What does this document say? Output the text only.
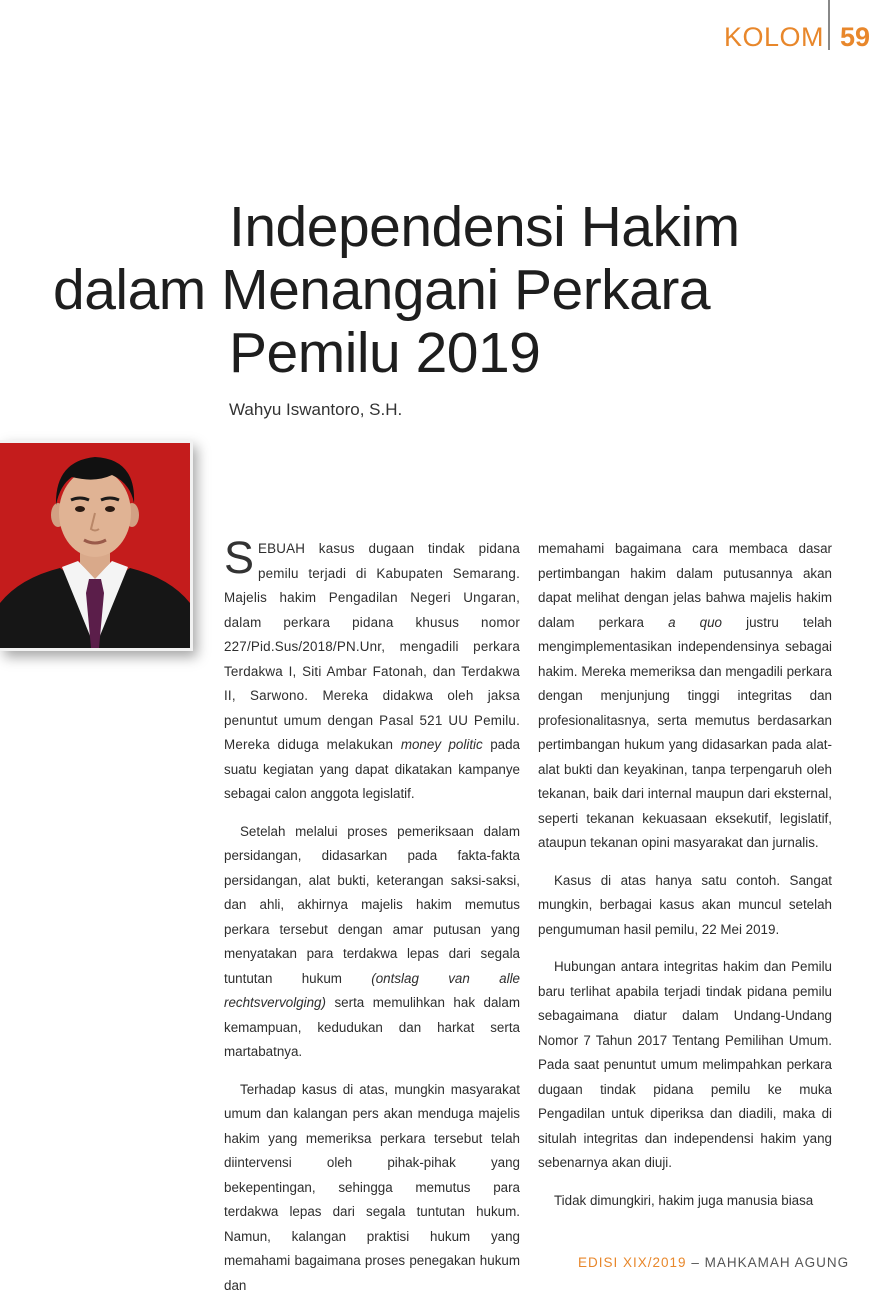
KOLOM 59
Independensi Hakim
dalam Menangani Perkara
Pemilu 2019
Wahyu Iswantoro, S.H.

SEBUAH kasus dugaan tindak pidana pemilu terjadi di Kabupaten Semarang. Majelis hakim Pengadilan Negeri Ungaran, dalam perkara pidana khusus nomor 227/Pid.Sus/2018/PN.Unr, mengadili perkara Terdakwa I, Siti Ambar Fatonah, dan Terdakwa II, Sarwono. Mereka didakwa oleh jaksa penuntut umum dengan Pasal 521 UU Pemilu. Mereka diduga melakukan money politic pada suatu kegiatan yang dapat dikatakan kampanye sebagai calon anggota legislatif.

Setelah melalui proses pemeriksaan dalam persidangan, didasarkan pada fakta-fakta persidangan, alat bukti, keterangan saksi-saksi, dan ahli, akhirnya majelis hakim memutus perkara tersebut dengan amar putusan yang menyatakan para terdakwa lepas dari segala tuntutan hukum (ontslag van alle rechtsvervolging) serta memulihkan hak dalam kemampuan, kedudukan dan harkat serta martabatnya.

Terhadap kasus di atas, mungkin masyarakat umum dan kalangan pers akan menduga majelis hakim yang memeriksa perkara tersebut telah diintervensi oleh pihak-pihak yang bekepentingan, sehingga memutus para terdakwa lepas dari segala tuntutan hukum. Namun, kalangan praktisi hukum yang memahami bagaimana proses penegakan hukum dan

memahami bagaimana cara membaca dasar pertimbangan hakim dalam putusannya akan dapat melihat dengan jelas bahwa majelis hakim dalam perkara a quo justru telah mengimplementasikan independensinya sebagai hakim. Mereka memeriksa dan mengadili perkara dengan menjunjung tinggi integritas dan profesionalitasnya, serta memutus berdasarkan pertimbangan hukum yang didasarkan pada alat-alat bukti dan keyakinan, tanpa terpengaruh oleh tekanan, baik dari internal maupun dari eksternal, seperti tekanan kekuasaan eksekutif, legislatif, ataupun tekanan opini masyarakat dan jurnalis.

Kasus di atas hanya satu contoh. Sangat mungkin, berbagai kasus akan muncul setelah pengumuman hasil pemilu, 22 Mei 2019.

Hubungan antara integritas hakim dan Pemilu baru terlihat apabila terjadi tindak pidana pemilu sebagaimana diatur dalam Undang-Undang Nomor 7 Tahun 2017 Tentang Pemilihan Umum. Pada saat penuntut umum melimpahkan perkara dugaan tindak pidana pemilu ke muka Pengadilan untuk diperiksa dan diadili, maka di situlah integritas dan independensi hakim yang sebenarnya akan diuji.

Tidak dimungkiri, hakim juga manusia biasa

EDISI XIX/2019 – MAHKAMAH AGUNG
